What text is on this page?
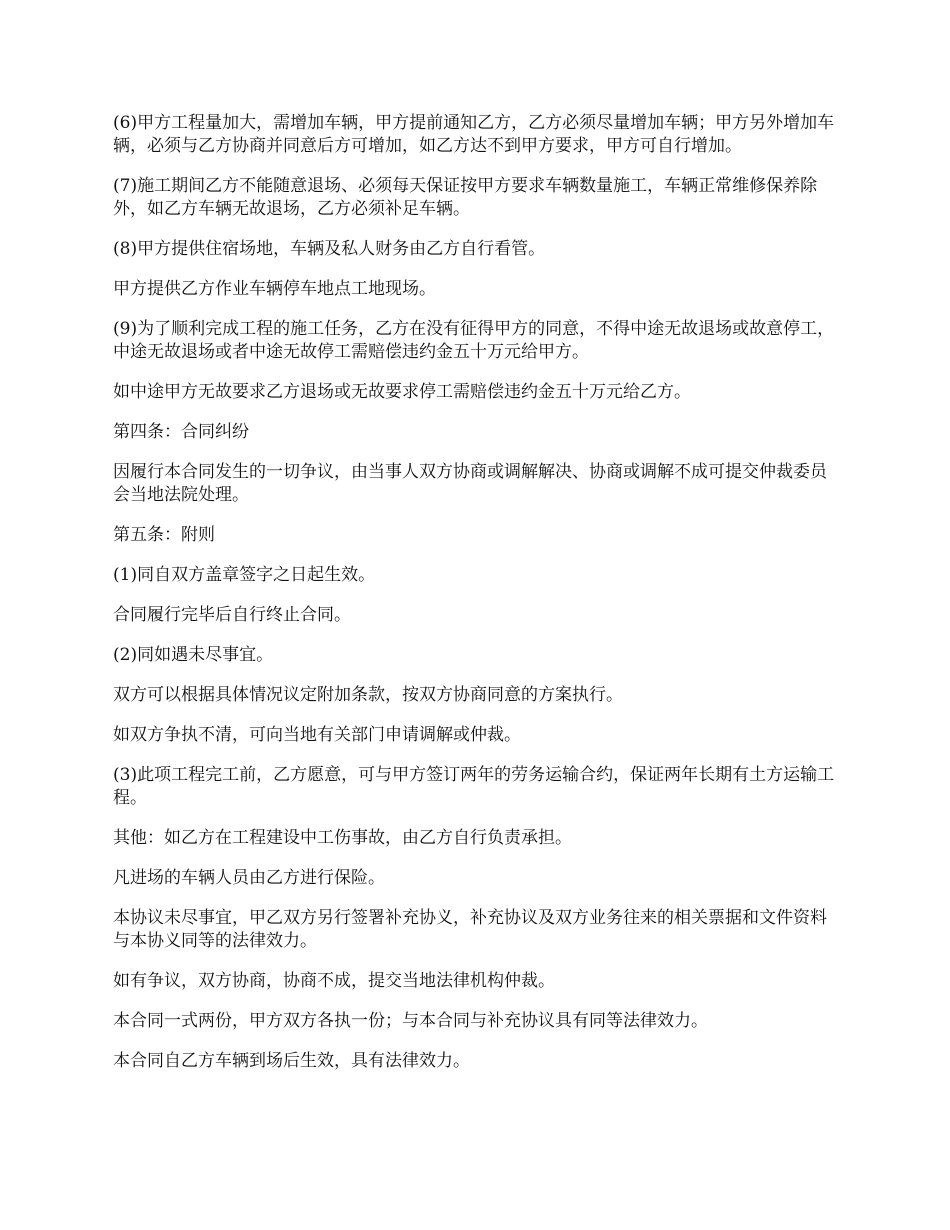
(6)甲方工程量加大，需增加车辆，甲方提前通知乙方，乙方必须尽量增加车辆；甲方另外增加车辆，必须与乙方协商并同意后方可增加，如乙方达不到甲方要求，甲方可自行增加。

(7)施工期间乙方不能随意退场、必须每天保证按甲方要求车辆数量施工，车辆正常维修保养除外，如乙方车辆无故退场，乙方必须补足车辆。

(8)甲方提供住宿场地，车辆及私人财务由乙方自行看管。

甲方提供乙方作业车辆停车地点工地现场。

(9)为了顺利完成工程的施工任务，乙方在没有征得甲方的同意，不得中途无故退场或故意停工，中途无故退场或者中途无故停工需赔偿违约金五十万元给甲方。

如中途甲方无故要求乙方退场或无故要求停工需赔偿违约金五十万元给乙方。

第四条：合同纠纷

因履行本合同发生的一切争议，由当事人双方协商或调解解决、协商或调解不成可提交仲裁委员会当地法院处理。

第五条：附则

(1)同自双方盖章签字之日起生效。

合同履行完毕后自行终止合同。

(2)同如遇未尽事宜。

双方可以根据具体情况议定附加条款，按双方协商同意的方案执行。

如双方争执不清，可向当地有关部门申请调解或仲裁。

(3)此项工程完工前，乙方愿意，可与甲方签订两年的劳务运输合约，保证两年长期有土方运输工程。

其他：如乙方在工程建设中工伤事故，由乙方自行负责承担。

凡进场的车辆人员由乙方进行保险。

本协议未尽事宜，甲乙双方另行签署补充协义，补充协议及双方业务往来的相关票据和文件资料与本协义同等的法律效力。

如有争议，双方协商，协商不成，提交当地法律机构仲裁。

本合同一式两份，甲方双方各执一份；与本合同与补充协议具有同等法律效力。

本合同自乙方车辆到场后生效，具有法律效力。
